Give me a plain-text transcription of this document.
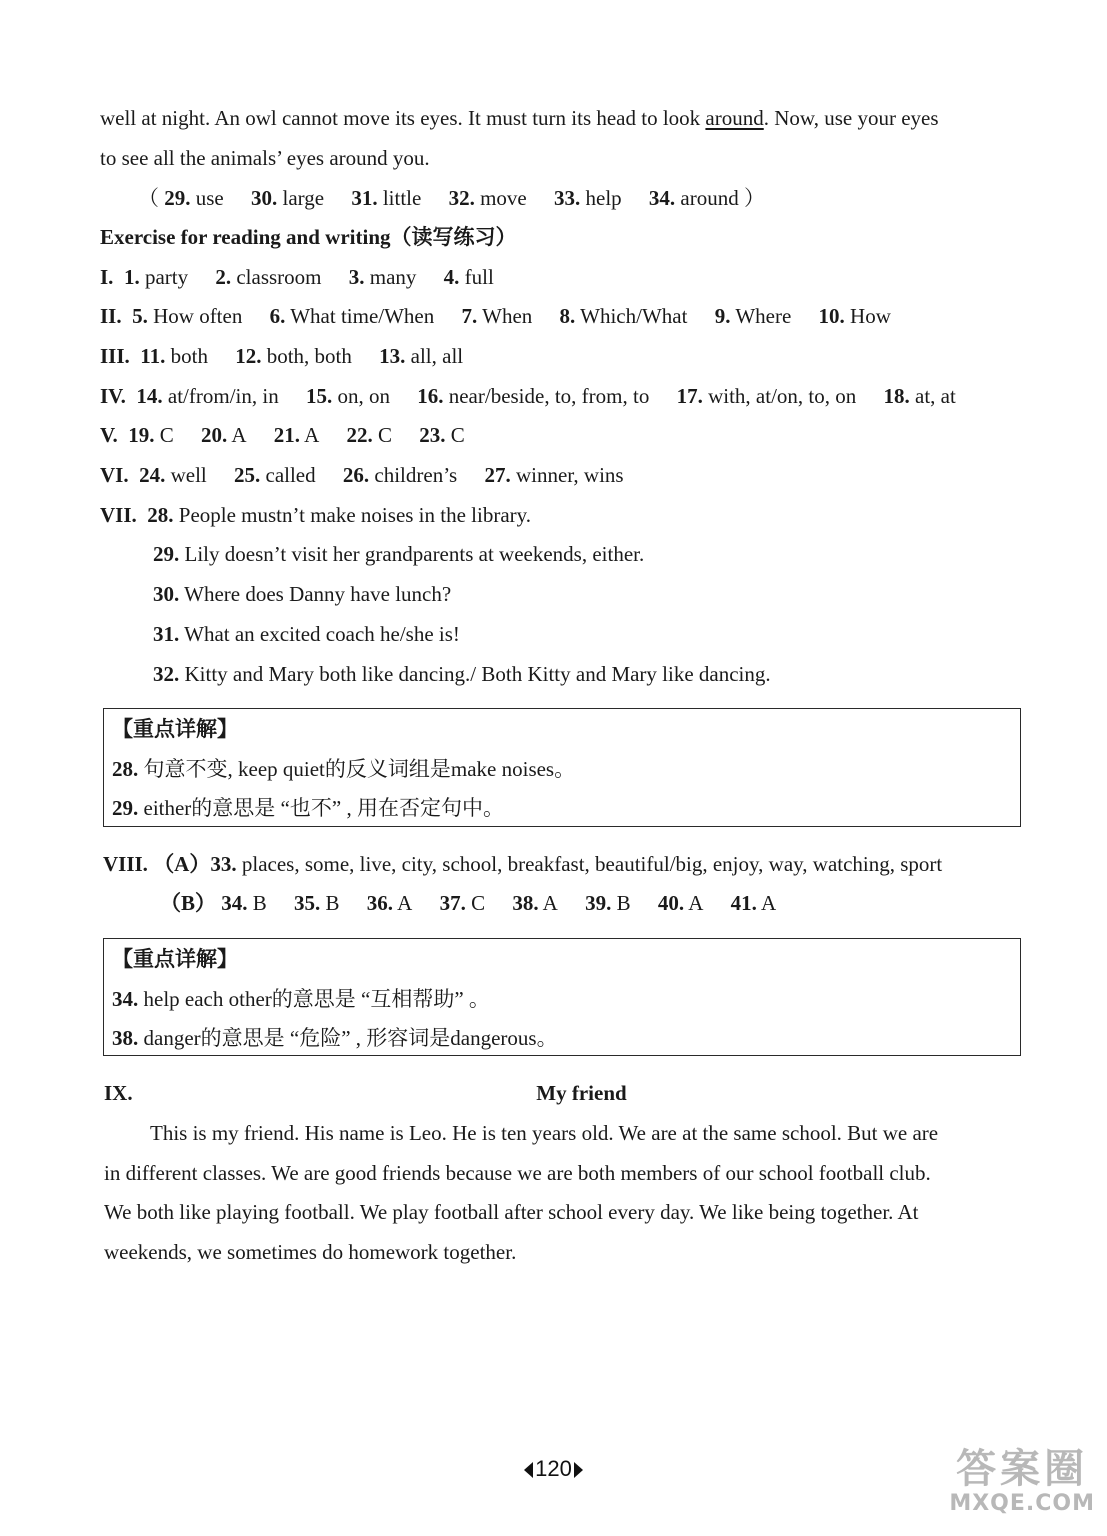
well at night. An owl cannot move its eyes. It must turn its head to look around. Now, use your eyes
to see all the animals’ eyes around you.
（ 29. use 30. large 31. little 32. move 33. help 34. around ）
Exercise for reading and writing（读写练习）
I. 1. party 2. classroom 3. many 4. full
II. 5. How often 6. What time/When 7. When 8. Which/What 9. Where 10. How
III. 11. both 12. both, both 13. all, all
IV. 14. at/from/in, in 15. on, on 16. near/beside, to, from, to 17. with, at/on, to, on 18. at, at
V. 19. C 20. A 21. A 22. C 23. C
VI. 24. well 25. called 26. children’s 27. winner, wins
VII. 28. People mustn’t make noises in the library.
29. Lily doesn’t visit her grandparents at weekends, either.
30. Where does Danny have lunch?
31. What an excited coach he/she is!
32. Kitty and Mary both like dancing./ Both Kitty and Mary like dancing.
【重点详解】
28. 句意不变, keep quiet的反义词组是make noises。
29. either的意思是 “也不” , 用在否定句中。
VIII. （A）33. places, some, live, city, school, breakfast, beautiful/big, enjoy, way, watching, sport
（B） 34. B 35. B 36. A 37. C 38. A 39. B 40. A 41. A
【重点详解】
34. help each other的意思是 “互相帮助” 。
38. danger的意思是 “危险” , 形容词是dangerous。
IX.	My friend
This is my friend. His name is Leo. He is ten years old. We are at the same school. But we are
in different classes. We are good friends because we are both members of our school football club.
We both like playing football. We play football after school every day. We like being together. At
weekends, we sometimes do homework together.
120	答案圈
MXQE.COM
